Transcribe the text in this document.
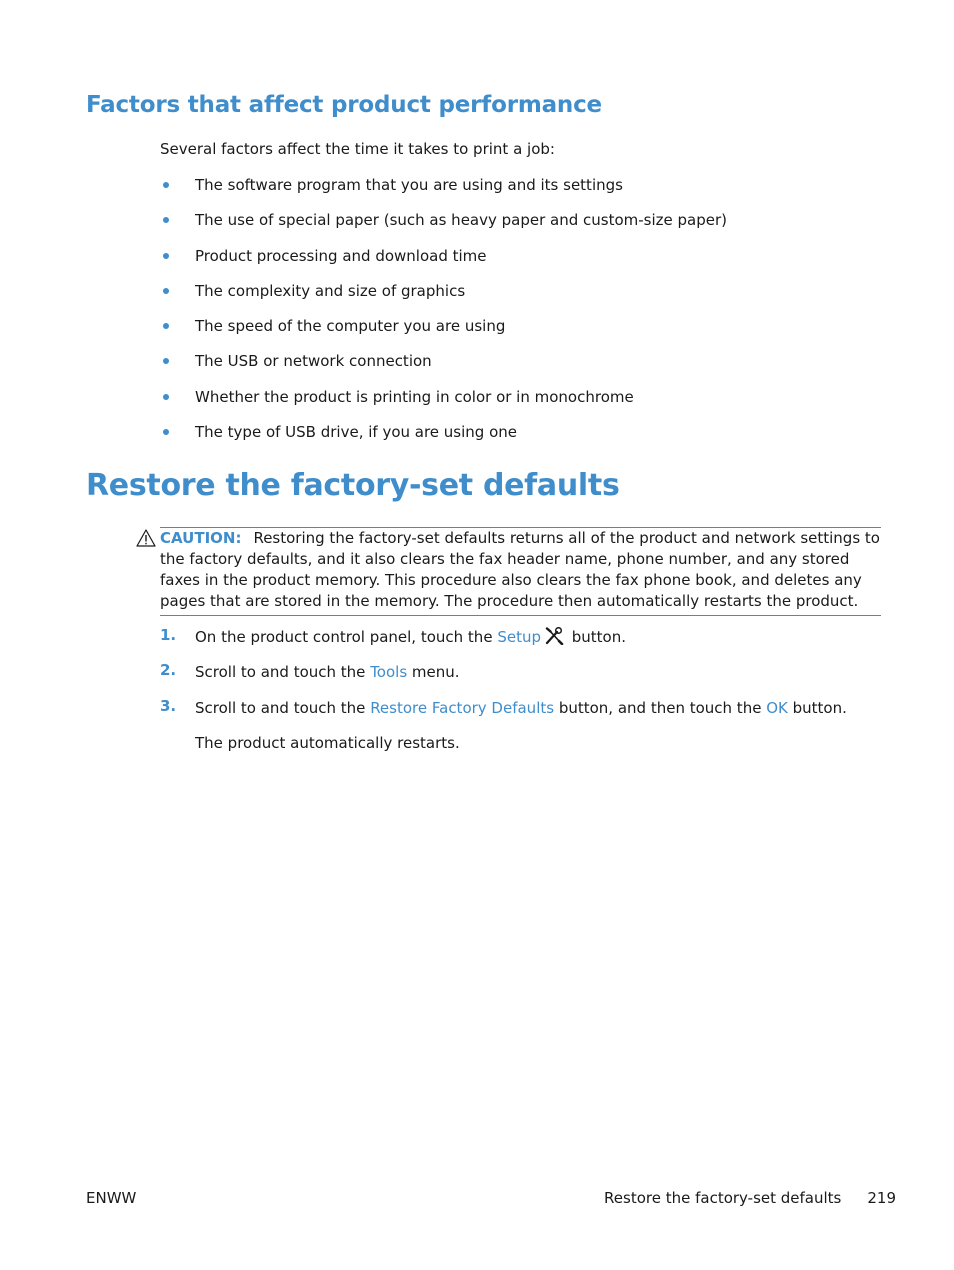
Factors that affect product performance
Several factors affect the time it takes to print a job:
The software program that you are using and its settings
The use of special paper (such as heavy paper and custom-size paper)
Product processing and download time
The complexity and size of graphics
The speed of the computer you are using
The USB or network connection
Whether the product is printing in color or in monochrome
The type of USB drive, if you are using one
Restore the factory-set defaults
CAUTION: Restoring the factory-set defaults returns all of the product and network settings to the factory defaults, and it also clears the fax header name, phone number, and any stored faxes in the product memory. This procedure also clears the fax phone book, and deletes any pages that are stored in the memory. The procedure then automatically restarts the product.
1. On the product control panel, touch the Setup button.
2. Scroll to and touch the Tools menu.
3. Scroll to and touch the Restore Factory Defaults button, and then touch the OK button.
The product automatically restarts.
ENWW	Restore the factory-set defaults 219
